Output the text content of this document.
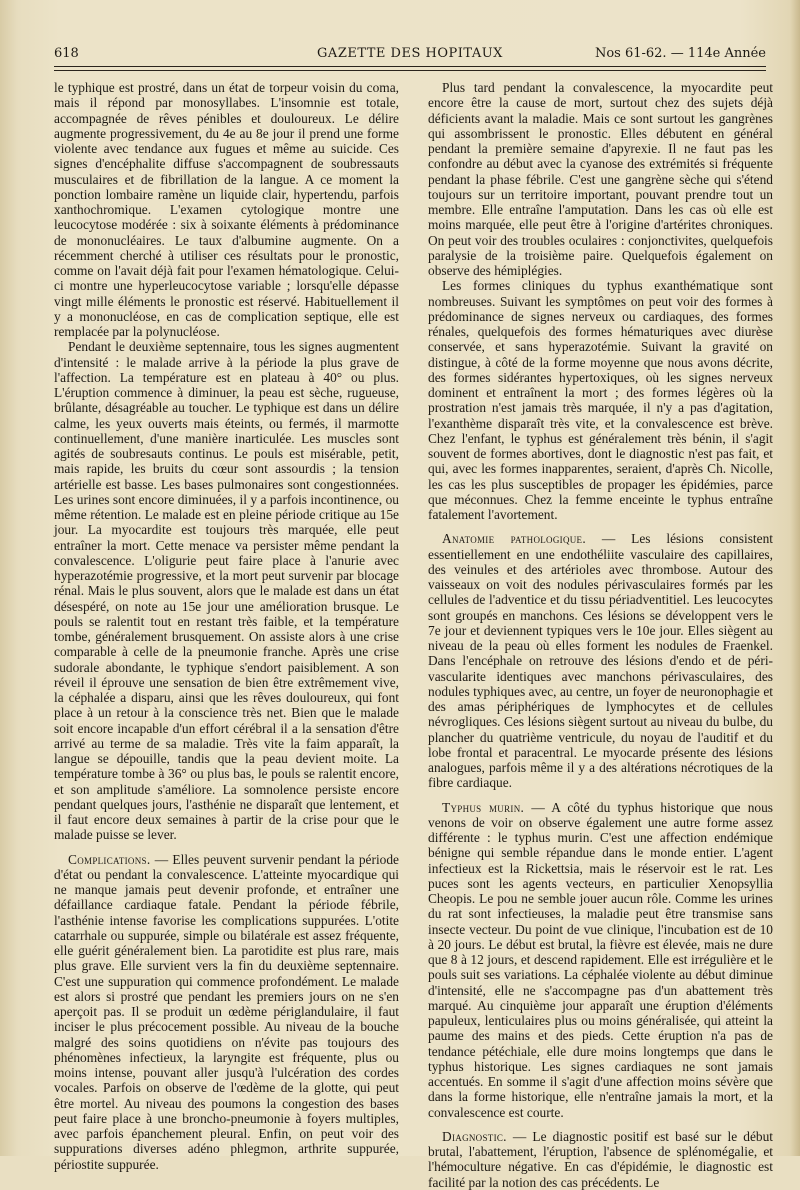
618	GAZETTE DES HOPITAUX	Nos 61-62. — 114e Année

le typhique est prostré, dans un état de torpeur voisin du coma, mais il répond par monosyllabes. L'insomnie est totale, accompagnée de rêves pénibles et douloureux. Le délire augmente progressivement, du 4e au 8e jour il prend une forme violente avec tendance aux fugues et même au suicide. Ces signes d'encéphalite diffuse s'accompagnent de soubressauts musculaires et de fibrillation de la langue. A ce moment la ponction lombaire ramène un liquide clair, hypertendu, parfois xanthochromique. L'examen cytologique montre une leucocytose modérée : six à soixante éléments à prédominance de mononucléaires. Le taux d'albumine augmente. On a récemment cherché à utiliser ces résultats pour le pronostic, comme on l'avait déjà fait pour l'examen hématologique. Celui-ci montre une hyperleucocytose variable ; lorsqu'elle dépasse vingt mille éléments le pronostic est réservé. Habituellement il y a mononucléose, en cas de complication septique, elle est remplacée par la polynucléose.

Pendant le deuxième septennaire, tous les signes augmentent d'intensité : le malade arrive à la période la plus grave de l'affection. La température est en plateau à 40° ou plus. L'éruption commence à diminuer, la peau est sèche, rugueuse, brûlante, désagréable au toucher. Le typhique est dans un délire calme, les yeux ouverts mais éteints, ou fermés, il marmotte continuellement, d'une manière inarticulée. Les muscles sont agités de soubresauts continus. Le pouls est misérable, petit, mais rapide, les bruits du cœur sont assourdis ; la tension artérielle est basse. Les bases pulmonaires sont congestionnées. Les urines sont encore diminuées, il y a parfois incontinence, ou même rétention. Le malade est en pleine période critique au 15e jour. La myocardite est toujours très marquée, elle peut entraîner la mort. Cette menace va persister même pendant la convalescence. L'oligurie peut faire place à l'anurie avec hyperazotémie progressive, et la mort peut survenir par blocage rénal. Mais le plus souvent, alors que le malade est dans un état désespéré, on note au 15e jour une amélioration brusque. Le pouls se ralentit tout en restant très faible, et la température tombe, généralement brusquement. On assiste alors à une crise comparable à celle de la pneumonie franche. Après une crise sudorale abondante, le typhique s'endort paisiblement. A son réveil il éprouve une sensation de bien être extrêmement vive, la céphalée a disparu, ainsi que les rêves douloureux, qui font place à un retour à la conscience très net. Bien que le malade soit encore incapable d'un effort cérébral il a la sensation d'être arrivé au terme de sa maladie. Très vite la faim apparaît, la langue se dépouille, tandis que la peau devient moite. La température tombe à 36° ou plus bas, le pouls se ralentit encore, et son amplitude s'améliore. La somnolence persiste encore pendant quelques jours, l'asthénie ne disparaît que lentement, et il faut encore deux semaines à partir de la crise pour que le malade puisse se lever.

Complications. — Elles peuvent survenir pendant la période d'état ou pendant la convalescence. L'atteinte myocardique qui ne manque jamais peut devenir profonde, et entraîner une défaillance cardiaque fatale. Pendant la période fébrile, l'asthénie intense favorise les complications suppurées. L'otite catarrhale ou suppurée, simple ou bilatérale est assez fréquente, elle guérit généralement bien. La parotidite est plus rare, mais plus grave. Elle survient vers la fin du deuxième septennaire. C'est une suppuration qui commence profondément. Le malade est alors si prostré que pendant les premiers jours on ne s'en aperçoit pas. Il se produit un œdème périglandulaire, il faut inciser le plus précocement possible. Au niveau de la bouche malgré des soins quotidiens on n'évite pas toujours des phénomènes infectieux, la laryngite est fréquente, plus ou moins intense, pouvant aller jusqu'à l'ulcération des cordes vocales. Parfois on observe de l'œdème de la glotte, qui peut être mortel. Au niveau des poumons la congestion des bases peut faire place à une broncho-pneumonie à foyers multiples, avec parfois épanchement pleural. Enfin, on peut voir des suppurations diverses adéno phlegmon, arthrite suppurée, périostite suppurée.

Plus tard pendant la convalescence, la myocardite peut encore être la cause de mort, surtout chez des sujets déjà déficients avant la maladie. Mais ce sont surtout les gangrènes qui assombrissent le pronostic. Elles débutent en général pendant la première semaine d'apyrexie. Il ne faut pas les confondre au début avec la cyanose des extrémités si fréquente pendant la phase fébrile. C'est une gangrène sèche qui s'étend toujours sur un territoire important, pouvant prendre tout un membre. Elle entraîne l'amputation. Dans les cas où elle est moins marquée, elle peut être à l'origine d'artérites chroniques. On peut voir des troubles oculaires : conjonctivites, quelquefois paralysie de la troisième paire. Quelquefois également on observe des hémiplégies.

Les formes cliniques du typhus exanthématique sont nombreuses. Suivant les symptômes on peut voir des formes à prédominance de signes nerveux ou cardiaques, des formes rénales, quelquefois des formes hématuriques avec diurèse conservée, et sans hyperazotémie. Suivant la gravité on distingue, à côté de la forme moyenne que nous avons décrite, des formes sidérantes hypertoxiques, où les signes nerveux dominent et entraînent la mort ; des formes légères où la prostration n'est jamais très marquée, il n'y a pas d'agitation, l'exanthème disparaît très vite, et la convalescence est brève. Chez l'enfant, le typhus est généralement très bénin, il s'agit souvent de formes abortives, dont le diagnostic n'est pas fait, et qui, avec les formes inapparentes, seraient, d'après Ch. Nicolle, les cas les plus susceptibles de propager les épidémies, parce que méconnues. Chez la femme enceinte le typhus entraîne fatalement l'avortement.

Anatomie pathologique. — Les lésions consistent essentiellement en une endothéliite vasculaire des capillaires, des veinules et des artérioles avec thrombose. Autour des vaisseaux on voit des nodules périvasculaires formés par les cellules de l'adventice et du tissu périadventitiel. Les leucocytes sont groupés en manchons. Ces lésions se développent vers le 7e jour et deviennent typiques vers le 10e jour. Elles siègent au niveau de la peau où elles forment les nodules de Fraenkel. Dans l'encéphale on retrouve des lésions d'endo et de péri-vascularite identiques avec manchons périvasculaires, des nodules typhiques avec, au centre, un foyer de neuronophagie et des amas périphériques de lymphocytes et de cellules névrogliques. Ces lésions siègent surtout au niveau du bulbe, du plancher du quatrième ventricule, du noyau de l'auditif et du lobe frontal et paracentral. Le myocarde présente des lésions analogues, parfois même il y a des altérations nécrotiques de la fibre cardiaque.

Typhus murin. — A côté du typhus historique que nous venons de voir on observe également une autre forme assez différente : le typhus murin. C'est une affection endémique bénigne qui semble répandue dans le monde entier. L'agent infectieux est la Rickettsia, mais le réservoir est le rat. Les puces sont les agents vecteurs, en particulier Xenopsyllia Cheopis. Le pou ne semble jouer aucun rôle. Comme les urines du rat sont infectieuses, la maladie peut être transmise sans insecte vecteur. Du point de vue clinique, l'incubation est de 10 à 20 jours. Le début est brutal, la fièvre est élevée, mais ne dure que 8 à 12 jours, et descend rapidement. Elle est irrégulière et le pouls suit ses variations. La céphalée violente au début diminue d'intensité, elle ne s'accompagne pas d'un abattement très marqué. Au cinquième jour apparaît une éruption d'éléments papuleux, lenticulaires plus ou moins généralisée, qui atteint la paume des mains et des pieds. Cette éruption n'a pas de tendance pétéchiale, elle dure moins longtemps que dans le typhus historique. Les signes cardiaques ne sont jamais accentués. En somme il s'agit d'une affection moins sévère que dans la forme historique, elle n'entraîne jamais la mort, et la convalescence est courte.

Diagnostic. — Le diagnostic positif est basé sur le début brutal, l'abattement, l'éruption, l'absence de splénomégalie, et l'hémoculture négative. En cas d'épidémie, le diagnostic est facilité par la notion des cas précédents. Le
